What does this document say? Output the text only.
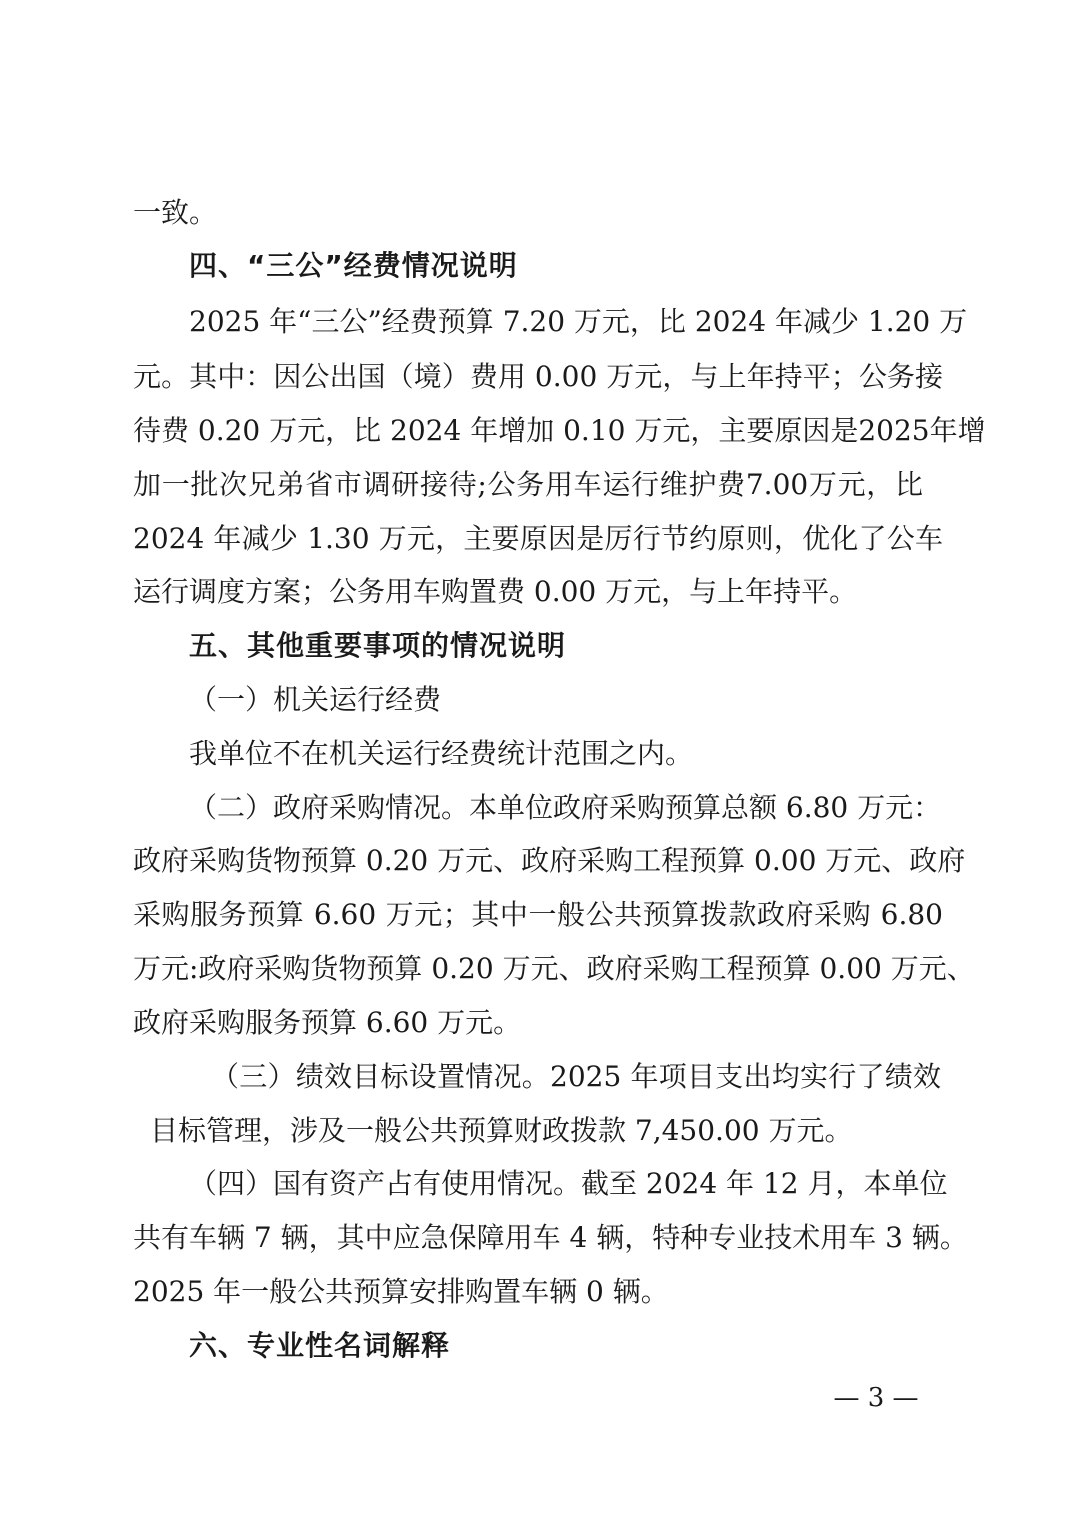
一致。
四、“三公”经费情况说明
2025 年“三公”经费预算 7.20 万元，比 2024 年减少 1.20 万
元。其中：因公出国（境）费用 0.00 万元，与上年持平；公务接
待费 0.20 万元，比 2024 年增加 0.10 万元，主要原因是2025年增
加一批次兄弟省市调研接待;公务用车运行维护费7.00万元，比
2024 年减少 1.30 万元，主要原因是厉行节约原则，优化了公车
运行调度方案；公务用车购置费 0.00 万元，与上年持平。
五、其他重要事项的情况说明
（一）机关运行经费
我单位不在机关运行经费统计范围之内。
（二）政府采购情况。本单位政府采购预算总额 6.80 万元：
政府采购货物预算 0.20 万元、政府采购工程预算 0.00 万元、政府
采购服务预算 6.60 万元；其中一般公共预算拨款政府采购 6.80
万元:政府采购货物预算 0.20 万元、政府采购工程预算 0.00 万元、
政府采购服务预算 6.60 万元。
（三）绩效目标设置情况。2025 年项目支出均实行了绩效
目标管理，涉及一般公共预算财政拨款 7,450.00 万元。
（四）国有资产占有使用情况。截至 2024 年 12 月，本单位
共有车辆 7 辆，其中应急保障用车 4 辆，特种专业技术用车 3 辆。
2025 年一般公共预算安排购置车辆 0 辆。
六、专业性名词解释
— 3 —
